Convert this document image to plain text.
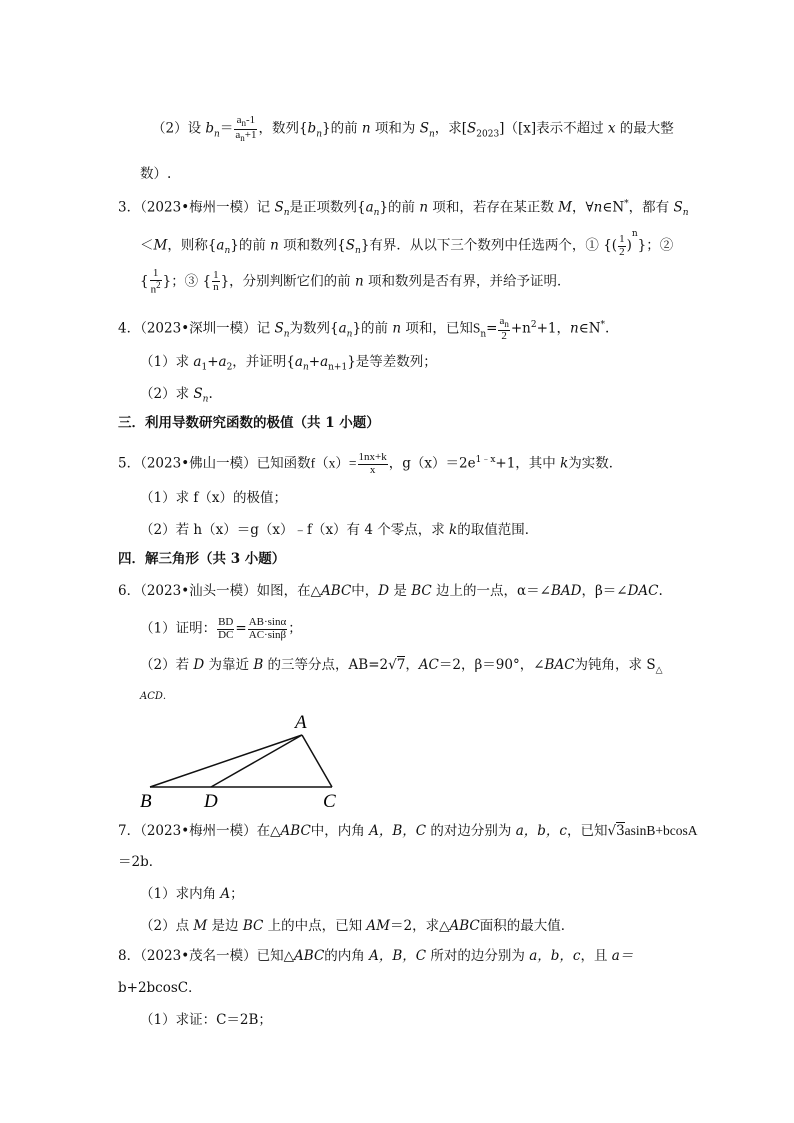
（2）设 $b_n= \frac{a_n-1}{a_n+1}$ ，数列$\{b_n\}$的前 n 项和为 $S_n$，求$[S_{2023}]([x]$表示不超过 x 的最大整
数）.
3．（2023•梅州一模）记 $S_n$是正项数列$\{a_n\}$的前 n 项和，若存在某正数 M，∀n∈N*，都有 $S_n$
＜M，则称$\{a_n\}$的前 n 项和数列$\{S_n\}$有界．从以下三个数列中任选两个，① {( $\frac{1}{2} )^n$}；②
{ $\frac{1}{n^2}$ }；③ { $\frac{1}{n}$ }，分别判断它们的前 n 项和数列是否有界，并给予证明．
4．（2023•深圳一模）记 $S_n$为数列$\{a_n\}$的前 n 项和，已知$S_n= \frac{a_n}{2} +n^2+1$，n∈N*.
（1）求 $a_1+a_2$，并证明$\{a_n+a_{n+1}\}$是等差数列；
（2）求 $S_n$.
三．利用导数研究函数的极值（共 1 小题）
5．（2023•佛山一模）已知函数$f(x)= \frac{1nx+k}{x}$ ，$g(x)=2e^{1﹣x}+1$，其中 k为实数．
（1）求 f（x）的极值；
（2）若 h（x）＝g（x）﹣f（x）有 4 个零点，求 k的取值范围．
四．解三角形（共 3 小题）
6．（2023•汕头一模）如图，在△ABC中，D 是 BC 边上的一点，α＝∠BAD，β＝∠DAC.
（1）证明： $\frac{BD}{DC} = \frac{AB\cdot\sin\alpha}{AC\cdot\sin\beta}$ ；
（2）若 D 为靠近 B 的三等分点，AB=2√7，AC＝2，β＝90°，∠BAC为钝角，求 $S_\triangle$
ACD.
A
B	D	C
7．（2023•梅州一模）在△ABC中，内角 A，B，C 的对边分别为 a，b，c，已知√3asinB+bcosA
＝2b．
（1）求内角 A；
（2）点 M 是边 BC 上的中点，已知 AM＝2，求△ABC面积的最大值．
8．（2023•茂名一模）已知△ABC的内角 A，B，C 所对的边分别为 a，b，c，且 a＝
b+2bcosC．
（1）求证：C＝2B；
